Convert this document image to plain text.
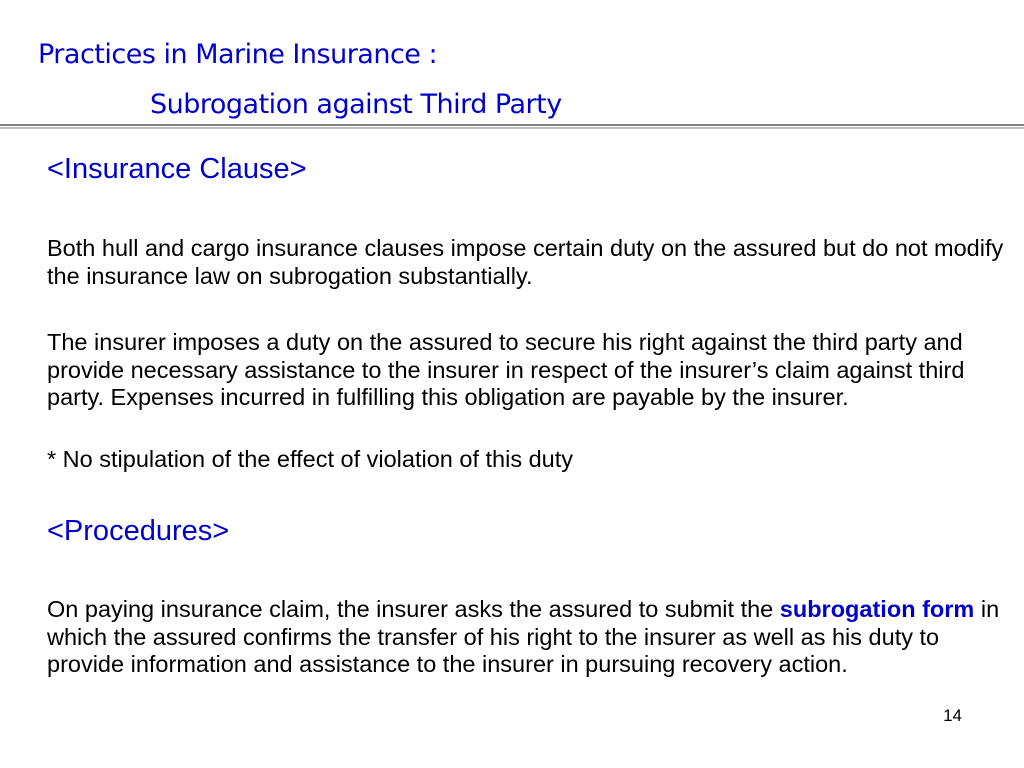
Practices in Marine Insurance :
Subrogation against Third Party
<Insurance Clause>

Both hull and cargo insurance clauses impose certain duty on the assured but do not modify the insurance law on subrogation substantially.

The insurer imposes a duty on the assured to secure his right against the third party and provide necessary assistance to the insurer in respect of the insurer’s claim against third party. Expenses incurred in fulfilling this obligation are payable by the insurer.

* No stipulation of the effect of violation of this duty

<Procedures>

On paying insurance claim, the insurer asks the assured to submit the subrogation form in which the assured confirms the transfer of his right to the insurer as well as his duty to provide information and assistance to the insurer in pursuing recovery action.

14
